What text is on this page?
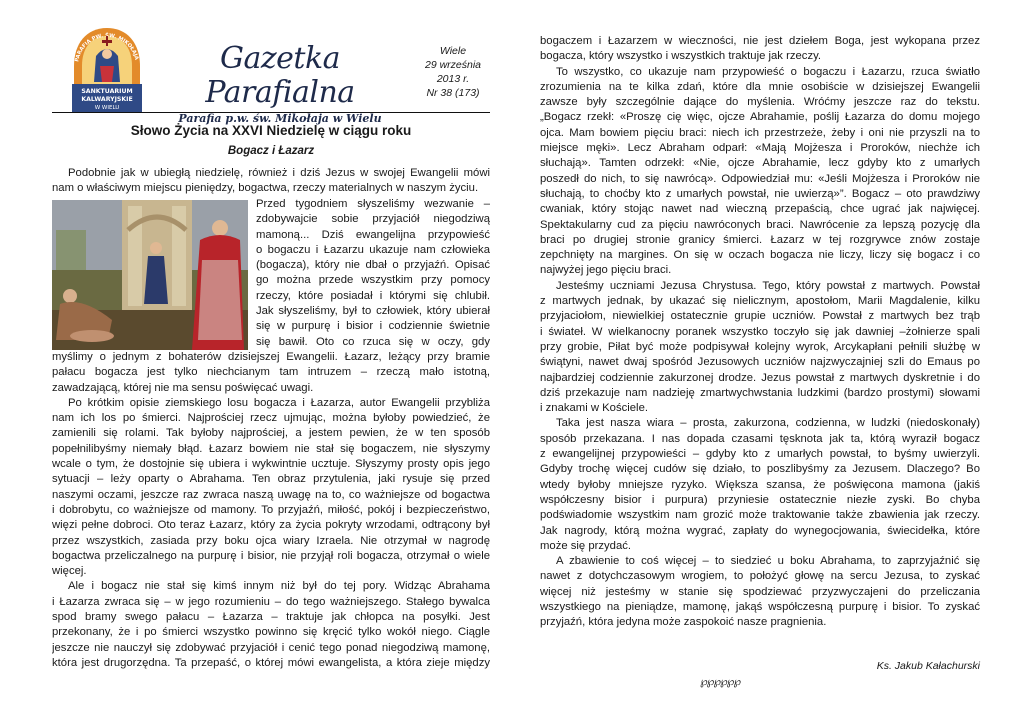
PARAFIA PW. W. MIKOŁAJA
SANKTUARIUM
KALWARYJSKIE
W WIELU
Gazetka Parafialna
Parafia p.w. św. Mikołaja w Wielu
Wiele
29 września
2013 r.
Nr 38 (173)
Słowo Życia na XXVI Niedzielę w ciągu roku
Bogacz i Łazarz
Podobnie jak w ubiegłą niedzielę, również i dziś Jezus w swojej Ewangelii mówi
nam o właściwym miejscu pieniędzy, bogactwa, rzeczy materialnych w naszym życiu.
Przed tygodniem słyszeliśmy wezwanie –
zdobywajcie sobie przyjaciół niegodziwą
mamoną... Dziś ewangelijna przypowieść
o bogaczu i Łazarzu ukazuje nam człowieka
(bogacza), który nie dbał o przyjaźń. Opisać
go można przede wszystkim przy pomocy
rzeczy, które posiadał i którymi się chlubił.
Jak słyszeliśmy, był to człowiek, który ubierał
się w purpurę i bisior i codziennie świetnie
się bawił. Oto co rzuca się w oczy, gdy
myślimy o jednym z bohaterów dzisiejszej Ewangelii. Łazarz, leżący przy bramie
pałacu bogacza jest tylko niechcianym tam intruzem – rzeczą mało istotną,
zawadzającą, której nie ma sensu poświęcać uwagi.
Po krótkim opisie ziemskiego losu bogacza i Łazarza, autor Ewangelii przybliża
nam ich los po śmierci. Najprościej rzecz ujmując, można byłoby powiedzieć, że
zamienili się rolami. Tak byłoby najprościej, a jestem pewien, że w ten sposób
popełnilibyśmy niemały błąd. Łazarz bowiem nie stał się bogaczem, nie słyszymy
wcale o tym, że dostojnie się ubiera i wykwintnie ucztuje. Słyszymy prosty opis jego
sytuacji – leży oparty o Abrahama. Ten obraz przytulenia, jaki rysuje się przed
naszymi oczami, jeszcze raz zwraca naszą uwagę na to, co ważniejsze od bogactwa
i dobrobytu, co ważniejsze od mamony. To przyjaźń, miłość, pokój i bezpieczeństwo,
więzi pełne dobroci. Oto teraz Łazarz, który za życia pokryty wrzodami, odtrącony był
przez wszystkich, zasiada przy boku ojca wiary Izraela. Nie otrzymał w nagrodę
bogactwa przeliczalnego na purpurę i bisior, nie przyjął roli bogacza, otrzymał o wiele
więcej.
Ale i bogacz nie stał się kimś innym niż był do tej pory. Widząc Abrahama
i Łazarza zwraca się – w jego rozumieniu – do tego ważniejszego. Stałego bywalca
spod bramy swego pałacu – Łazarza – traktuje jak chłopca na posyłki. Jest
przekonany, że i po śmierci wszystko powinno się kręcić tylko wokół niego. Ciągle
jeszcze nie nauczył się zdobywać przyjaciół i cenić tego ponad niegodziwą mamonę,
która jest drugorzędna. Ta przepaść, o której mówi ewangelista, a która zieje między
bogaczem i Łazarzem w wieczności, nie jest dziełem Boga, jest wykopana przez
bogacza, który wszystko i wszystkich traktuje jak rzeczy.
To wszystko, co ukazuje nam przypowieść o bogaczu i Łazarzu, rzuca światło
zrozumienia na te kilka zdań, które dla mnie osobiście w dzisiejszej Ewangelii
zawsze były szczególnie dające do myślenia. Wróćmy jeszcze raz do tekstu.
„Bogacz rzekł: «Proszę cię więc, ojcze Abrahamie, poślij Łazarza do domu mojego
ojca. Mam bowiem pięciu braci: niech ich przestrzeże, żeby i oni nie przyszli na to
miejsce męki». Lecz Abraham odparł: «Mają Mojżesza i Proroków, niechże ich
słuchają». Tamten odrzekł: «Nie, ojcze Abrahamie, lecz gdyby kto z umarłych
poszedł do nich, to się nawrócą». Odpowiedział mu: «Jeśli Mojżesza i Proroków nie
słuchają, to choćby kto z umarłych powstał, nie uwierzą»”. Bogacz – oto prawdziwy
cwaniak, który stojąc nawet nad wieczną przepaścią, chce ugrać jak najwięcej.
Spektakularny cud za pięciu nawróconych braci. Nawrócenie za lepszą pozycję dla
braci po drugiej stronie granicy śmierci. Łazarz w tej rozgrywce znów zostaje
zepchnięty na margines. On się w oczach bogacza nie liczy, liczy się bogacz i co
najwyżej jego pięciu braci.
Jesteśmy uczniami Jezusa Chrystusa. Tego, który powstał z martwych. Powstał
z martwych jednak, by ukazać się nielicznym, apostołom, Marii Magdalenie, kilku
przyjaciołom, niewielkiej ostatecznie grupie uczniów. Powstał z martwych bez trąb
i świateł. W wielkanocny poranek wszystko toczyło się jak dawniej –żołnierze spali
przy grobie, Piłat być może podpisywał kolejny wyrok, Arcykapłani pełnili służbę w
świątyni, nawet dwaj spośród Jezusowych uczniów najzwyczajniej szli do Emaus po
najbardziej codziennie zakurzonej drodze. Jezus powstał z martwych dyskretnie i do
dziś przekazuje nam nadzieję zmartwychwstania ludzkimi (bardzo prostymi) słowami
i znakami w Kościele.
Taka jest nasza wiara – prosta, zakurzona, codzienna, w ludzki (niedoskonały)
sposób przekazana. I nas dopada czasami tęsknota jak ta, którą wyraził bogacz
z ewangelijnej przypowieści – gdyby kto z umarłych powstał, to byśmy uwierzyli.
Gdyby trochę więcej cudów się działo, to poszlibyśmy za Jezusem. Dlaczego? Bo
wtedy byłoby mniejsze ryzyko. Większa szansa, że poświęcona mamona (jakiś
współczesny bisior i purpura) przyniesie ostatecznie niezłe zyski. Bo chyba
podświadomie wszystkim nam grozić może traktowanie także zbawienia jak rzeczy.
Jak nagrody, którą można wygrać, zapłaty do wynegocjowania, świecidełka, które
może się przydać.
A zbawienie to coś więcej – to siedzieć u boku Abrahama, to zaprzyjaźnić się
nawet z dotychczasowym wrogiem, to położyć głowę na sercu Jezusa, to zyskać
więcej niż jesteśmy w stanie się spodziewać przyzwyczajeni do przeliczania
wszystkiego na pieniądze, mamonę, jakąś współczesną purpurę i bisior. To zyskać
przyjaźń, która jedyna może zaspokoić nasze pragnienia.
Ks. Jakub Kałachurski
℘℘℘℘℘℘
